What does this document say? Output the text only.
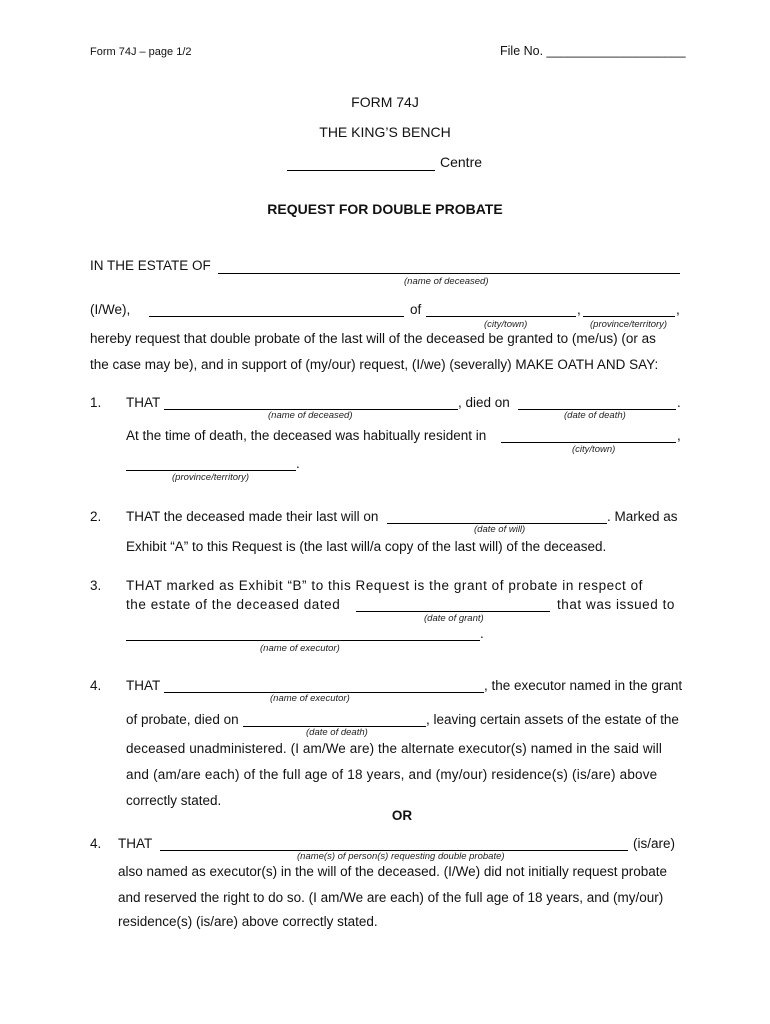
Form 74J – page 1/2	File No. ____________________
FORM 74J
THE KING’S BENCH
Centre
REQUEST FOR DOUBLE PROBATE
IN THE ESTATE OF
(name of deceased)
(I/We),	of	,	,
(city/town)	(province/territory)
hereby request that double probate of the last will of the deceased be granted to (me/us) (or as
the case may be), and in support of (my/our) request, (I/we) (severally) MAKE OATH AND SAY:
1. THAT	, died on	.
(name of deceased)	(date of death)
At the time of death, the deceased was habitually resident in	,
(city/town)
.
(province/territory)
2. THAT the deceased made their last will on	. Marked as
(date of will)
Exhibit “A” to this Request is (the last will/a copy of the last will) of the deceased.
3. THAT marked as Exhibit “B” to this Request is the grant of probate in respect of
the estate of the deceased dated	that was issued to
(date of grant)
.
(name of executor)
4. THAT	, the executor named in the grant
(name of executor)
of probate, died on	, leaving certain assets of the estate of the
(date of death)
deceased unadministered. (I am/We are) the alternate executor(s) named in the said will
and (am/are each) of the full age of 18 years, and (my/our) residence(s) (is/are) above
correctly stated.
OR
4. THAT	(is/are)
(name(s) of person(s) requesting double probate)
also named as executor(s) in the will of the deceased. (I/We) did not initially request probate
and reserved the right to do so. (I am/We are each) of the full age of 18 years, and (my/our)
residence(s) (is/are) above correctly stated.
